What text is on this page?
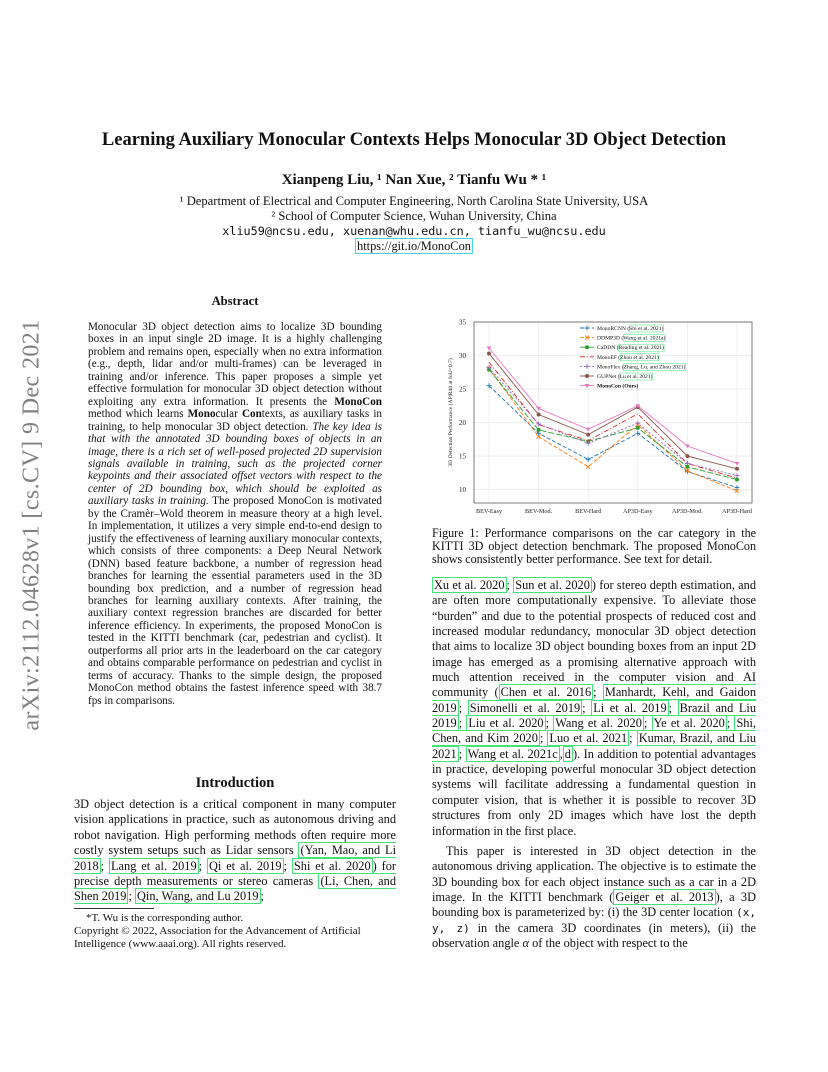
Learning Auxiliary Monocular Contexts Helps Monocular 3D Object Detection
Xianpeng Liu, ¹ Nan Xue, ² Tianfu Wu * ¹
¹ Department of Electrical and Computer Engineering, North Carolina State University, USA
² School of Computer Science, Wuhan University, China
xliu59@ncsu.edu, xuenan@whu.edu.cn, tianfu_wu@ncsu.edu
https://git.io/MonoCon
arXiv:2112.04628v1 [cs.CV] 9 Dec 2021
Abstract
Monocular 3D object detection aims to localize 3D bounding boxes in an input single 2D image. It is a highly challenging problem and remains open, especially when no extra information (e.g., depth, lidar and/or multi-frames) can be leveraged in training and/or inference. This paper proposes a simple yet effective formulation for monocular 3D object detection without exploiting any extra information. It presents the MonoCon method which learns Monocular Contexts, as auxiliary tasks in training, to help monocular 3D object detection. The key idea is that with the annotated 3D bounding boxes of objects in an image, there is a rich set of well-posed projected 2D supervision signals available in training, such as the projected corner keypoints and their associated offset vectors with respect to the center of 2D bounding box, which should be exploited as auxiliary tasks in training. The proposed MonoCon is motivated by the Cramèr–Wold theorem in measure theory at a high level. In implementation, it utilizes a very simple end-to-end design to justify the effectiveness of learning auxiliary monocular contexts, which consists of three components: a Deep Neural Network (DNN) based feature backbone, a number of regression head branches for learning the essential parameters used in the 3D bounding box prediction, and a number of regression head branches for learning auxiliary contexts. After training, the auxiliary context regression branches are discarded for better inference efficiency. In experiments, the proposed MonoCon is tested in the KITTI benchmark (car, pedestrian and cyclist). It outperforms all prior arts in the leaderboard on the car category and obtains comparable performance on pedestrian and cyclist in terms of accuracy. Thanks to the simple design, the proposed MonoCon method obtains the fastest inference speed with 38.7 fps in comparisons.
Introduction
3D object detection is a critical component in many computer vision applications in practice, such as autonomous driving and robot navigation. High performing methods often require more costly system setups such as Lidar sensors (Yan, Mao, and Li 2018 ; Lang et al. 2019 ; Qi et al. 2019 ; Shi et al. 2020 ) for precise depth measurements or stereo cameras (Li, Chen, and Shen 2019 ; Qin, Wang, and Lu 2019 ;

*T. Wu is the corresponding author.

Copyright © 2022, Association for the Advancement of Artificial Intelligence (www.aaai.org). All rights reserved.

10
15
20
25
30
35
BEV-Easy	BEV-Mod.	BEV-Hard	AP3D-Easy	AP3D-Mod.	AP3D-Hard
3D Detection Performance (AP|R40 at IoU=0.7)
MonoRCNN (Shi et al. 2021)
DDMP3D (Wang et al. 2021a)
CaDDN (Reading et al. 2021)
MonoEF (Zhou et al. 2021)
MonoFlex (Zhang, Lu, and Zhou 2021)
GUPNet (Lu et al. 2021)
MonoCon (Ours)
Figure 1: Performance comparisons on the car category in the KITTI 3D object detection benchmark. The proposed MonoCon shows consistently better performance. See text for detail.

Xu et al. 2020 ; Sun et al. 2020 ) for stereo depth estimation, and are often more computationally expensive. To alleviate those “burden” and due to the potential prospects of reduced cost and increased modular redundancy, monocular 3D object detection that aims to localize 3D object bounding boxes from an input 2D image has emerged as a promising alternative approach with much attention received in the computer vision and AI community ( Chen et al. 2016 ; Manhardt, Kehl, and Gaidon 2019 ; Simonelli et al. 2019 ; Li et al. 2019 ; Brazil and Liu 2019 ; Liu et al. 2020 ; Wang et al. 2020 ; Ye et al. 2020 ; Shi, Chen, and Kim 2020 ; Luo et al. 2021 ; Kumar, Brazil, and Liu 2021 ; Wang et al. 2021c , d ). In addition to potential advantages in practice, developing powerful monocular 3D object detection systems will facilitate addressing a fundamental question in computer vision, that is whether it is possible to recover 3D structures from only 2D images which have lost the depth information in the first place.

This paper is interested in 3D object detection in the autonomous driving application. The objective is to estimate the 3D bounding box for each object instance such as a car in a 2D image. In the KITTI benchmark ( Geiger et al. 2013 ), a 3D bounding box is parameterized by: (i) the 3D center location (x, y, z) in the camera 3D coordinates (in meters), (ii) the observation angle α of the object with respect to the
